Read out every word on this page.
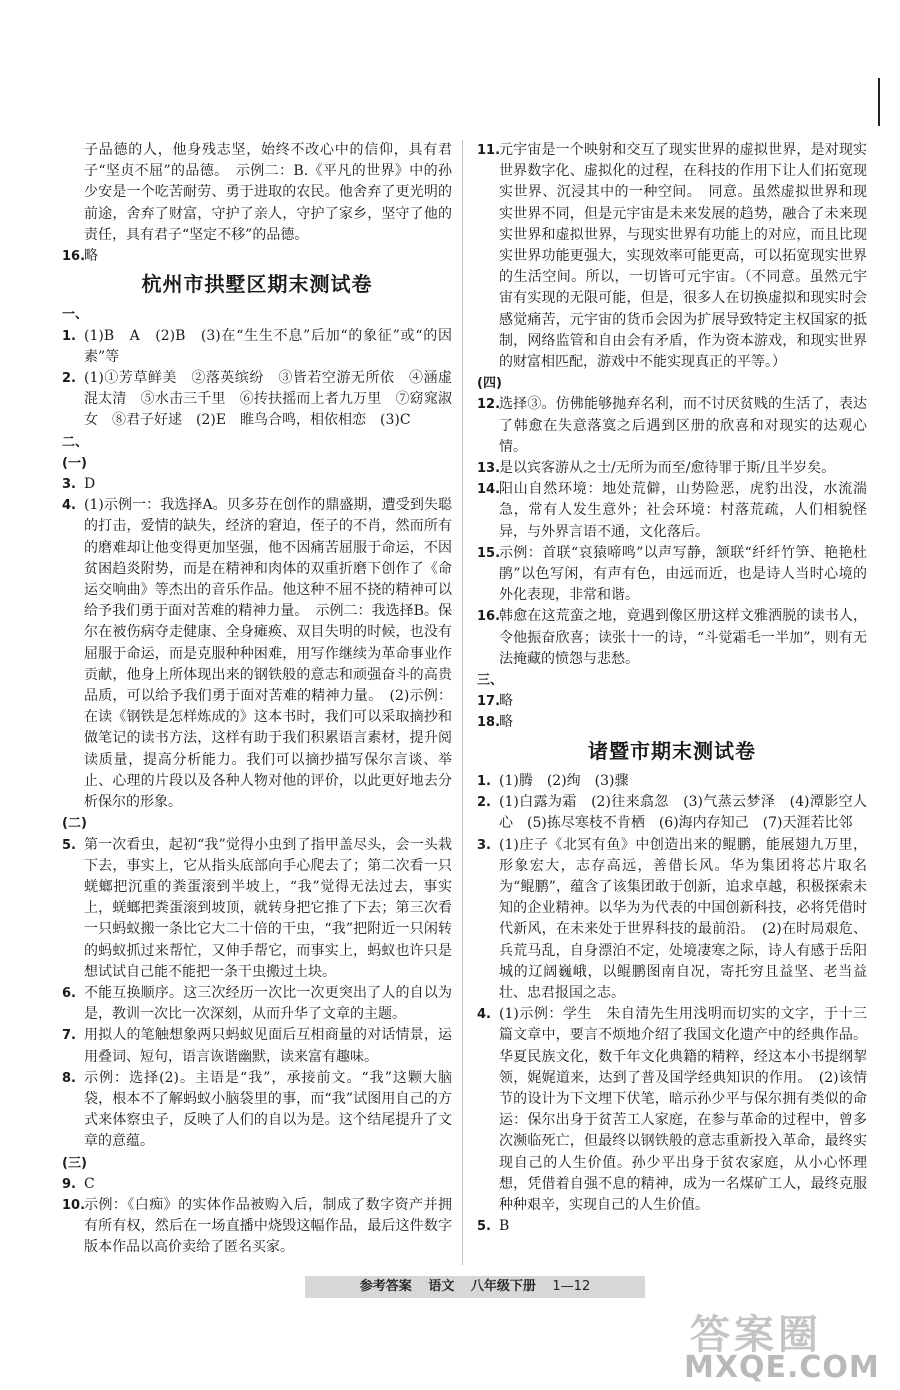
子品德的人，他身残志坚，始终不改心中的信仰，具有君子“坚贞不屈”的品德。　示例二：B.《平凡的世界》中的孙少安是一个吃苦耐劳、勇于进取的农民。他舍弃了更光明的前途，舍弃了财富，守护了亲人，守护了家乡，坚守了他的责任，具有君子“坚定不移”的品德。
16.
略
杭州市拱墅区期末测试卷
一、
1. (1)B　A　(2)B　(3)在“生生不息”后加“的象征”或“的因素”等
2. (1)①芳草鲜美　②落英缤纷　③皆若空游无所依　④涵虚混太清　⑤水击三千里　⑥抟扶摇而上者九万里　⑦窈窕淑女　⑧君子好逑　(2)E　睢鸟合鸣，相依相恋　(3)C
二、
(一)
3. D
4. (1)示例一：我选择A。贝多芬在创作的鼎盛期，遭受到失聪的打击，爱情的缺失，经济的窘迫，侄子的不肖，然而所有的磨难却让他变得更加坚强，他不因痛苦屈服于命运，不因贫困趋炎附势，而是在精神和肉体的双重折磨下创作了《命运交响曲》等杰出的音乐作品。他这种不屈不挠的精神可以给予我们勇于面对苦难的精神力量。　示例二：我选择B。保尔在被伤病夺走健康、全身瘫痪、双目失明的时候，也没有屈服于命运，而是克服种种困难，用写作继续为革命事业作贡献，他身上所体现出来的钢铁般的意志和顽强奋斗的高贵品质，可以给予我们勇于面对苦难的精神力量。　(2)示例：在读《钢铁是怎样炼成的》这本书时，我们可以采取摘抄和做笔记的读书方法，这样有助于我们积累语言素材，提升阅读质量，提高分析能力。我们可以摘抄描写保尔言谈、举止、心理的片段以及各种人物对他的评价，以此更好地去分析保尔的形象。
(二)
5. 第一次看虫，起初“我”觉得小虫到了指甲盖尽头，会一头栽下去，事实上，它从指头底部向手心爬去了；第二次看一只蜣螂把沉重的粪蛋滚到半坡上，“我”觉得无法过去，事实上，蜣螂把粪蛋滚到坡顶，就转身把它推了下去；第三次看一只蚂蚁搬一条比它大二十倍的干虫，“我”把附近一只闲转的蚂蚁抓过来帮忙，又伸手帮它，而事实上，蚂蚁也许只是想试试自己能不能把一条干虫搬过土块。
6. 不能互换顺序。这三次经历一次比一次更突出了人的自以为是，教训一次比一次深刻，从而升华了文章的主题。
7. 用拟人的笔触想象两只蚂蚁见面后互相商量的对话情景，运用叠词、短句，语言诙谐幽默，读来富有趣味。
8. 示例：选择(2)。主语是“我”，承接前文。“我”这颗大脑袋，根本不了解蚂蚁小脑袋里的事，而“我”试图用自己的方式来体察虫子，反映了人们的自以为是。这个结尾提升了文章的意蕴。
(三)
9. C
10.
示例：《白痴》的实体作品被购入后，制成了数字资产并拥有所有权，然后在一场直播中烧毁这幅作品，最后这件数字版本作品以高价卖给了匿名买家。
11.
元宇宙是一个映射和交互了现实世界的虚拟世界，是对现实世界数字化、虚拟化的过程，在科技的作用下让人们拓宽现实世界、沉浸其中的一种空间。　同意。虽然虚拟世界和现实世界不同，但是元宇宙是未来发展的趋势，融合了未来现实世界和虚拟世界，与现实世界有功能上的对应，而且比现实世界功能更强大，实现效率可能更高，可以拓宽现实世界的生活空间。所以，一切皆可元宇宙。（不同意。虽然元宇宙有实现的无限可能，但是，很多人在切换虚拟和现实时会感觉痛苦，元宇宙的货币会因为扩展导致特定主权国家的抵制，网络监管和自由会有矛盾，作为资本游戏，和现实世界的财富相匹配，游戏中不能实现真正的平等。）
(四)
12.
选择③。仿佛能够抛弃名利，而不讨厌贫贱的生活了，表达了韩愈在失意落寞之后遇到区册的欣喜和对现实的达观心情。
13.
是以宾客游从之士/无所为而至/愈待罪于斯/且半岁矣。
14.
阳山自然环境：地处荒僻，山势险恶，虎豹出没，水流湍急，常有人发生意外；社会环境：村落荒疏，人们相貌怪异，与外界言语不通，文化落后。
15.
示例：首联“哀猿啼鸣”以声写静，颔联“纤纤竹笋、艳艳杜鹃”以色写闲，有声有色，由远而近，也是诗人当时心境的外化表现，非常和谐。
16.
韩愈在这荒蛮之地，竟遇到像区册这样文雅洒脱的读书人，令他振奋欣喜；读张十一的诗，“斗觉霜毛一半加”，则有无法掩藏的愤怨与悲愁。
三、
17.
略
18.
略
诸暨市期末测试卷
1. (1)腾　(2)绚　(3)骤
2. (1)白露为霜　(2)往来翕忽　(3)气蒸云梦泽　(4)潭影空人心　(5)拣尽寒枝不肯栖　(6)海内存知己　(7)天涯若比邻
3. (1)庄子《北冥有鱼》中创造出来的鲲鹏，能展翅九万里，形象宏大，志存高远，善借长风。华为集团将芯片取名为“鲲鹏”，蕴含了该集团敢于创新，追求卓越，积极探索未知的企业精神。以华为为代表的中国创新科技，必将凭借时代新风，在未来处于世界科技的最前沿。　(2)在时局艰危、兵荒马乱，自身漂泊不定，处境凄寒之际，诗人有感于岳阳城的辽阔巍峨，以鲲鹏图南自况，寄托穷且益坚、老当益壮、忠君报国之志。
4. (1)示例：学生　朱自清先生用浅明而切实的文字，于十三篇文章中，要言不烦地介绍了我国文化遗产中的经典作品。华夏民族文化，数千年文化典籍的精粹，经这本小书提纲挈领，娓娓道来，达到了普及国学经典知识的作用。　(2)该情节的设计为下文埋下伏笔，暗示孙少平与保尔拥有类似的命运：保尔出身于贫苦工人家庭，在参与革命的过程中，曾多次濒临死亡，但最终以钢铁般的意志重新投入革命，最终实现自己的人生价值。孙少平出身于贫农家庭，从小心怀理想，凭借着自强不息的精神，成为一名煤矿工人，最终克服种种艰辛，实现自己的人生价值。
5. B
参考答案 语文 八年级下册 1—12
答案圈
MXQE.COM
